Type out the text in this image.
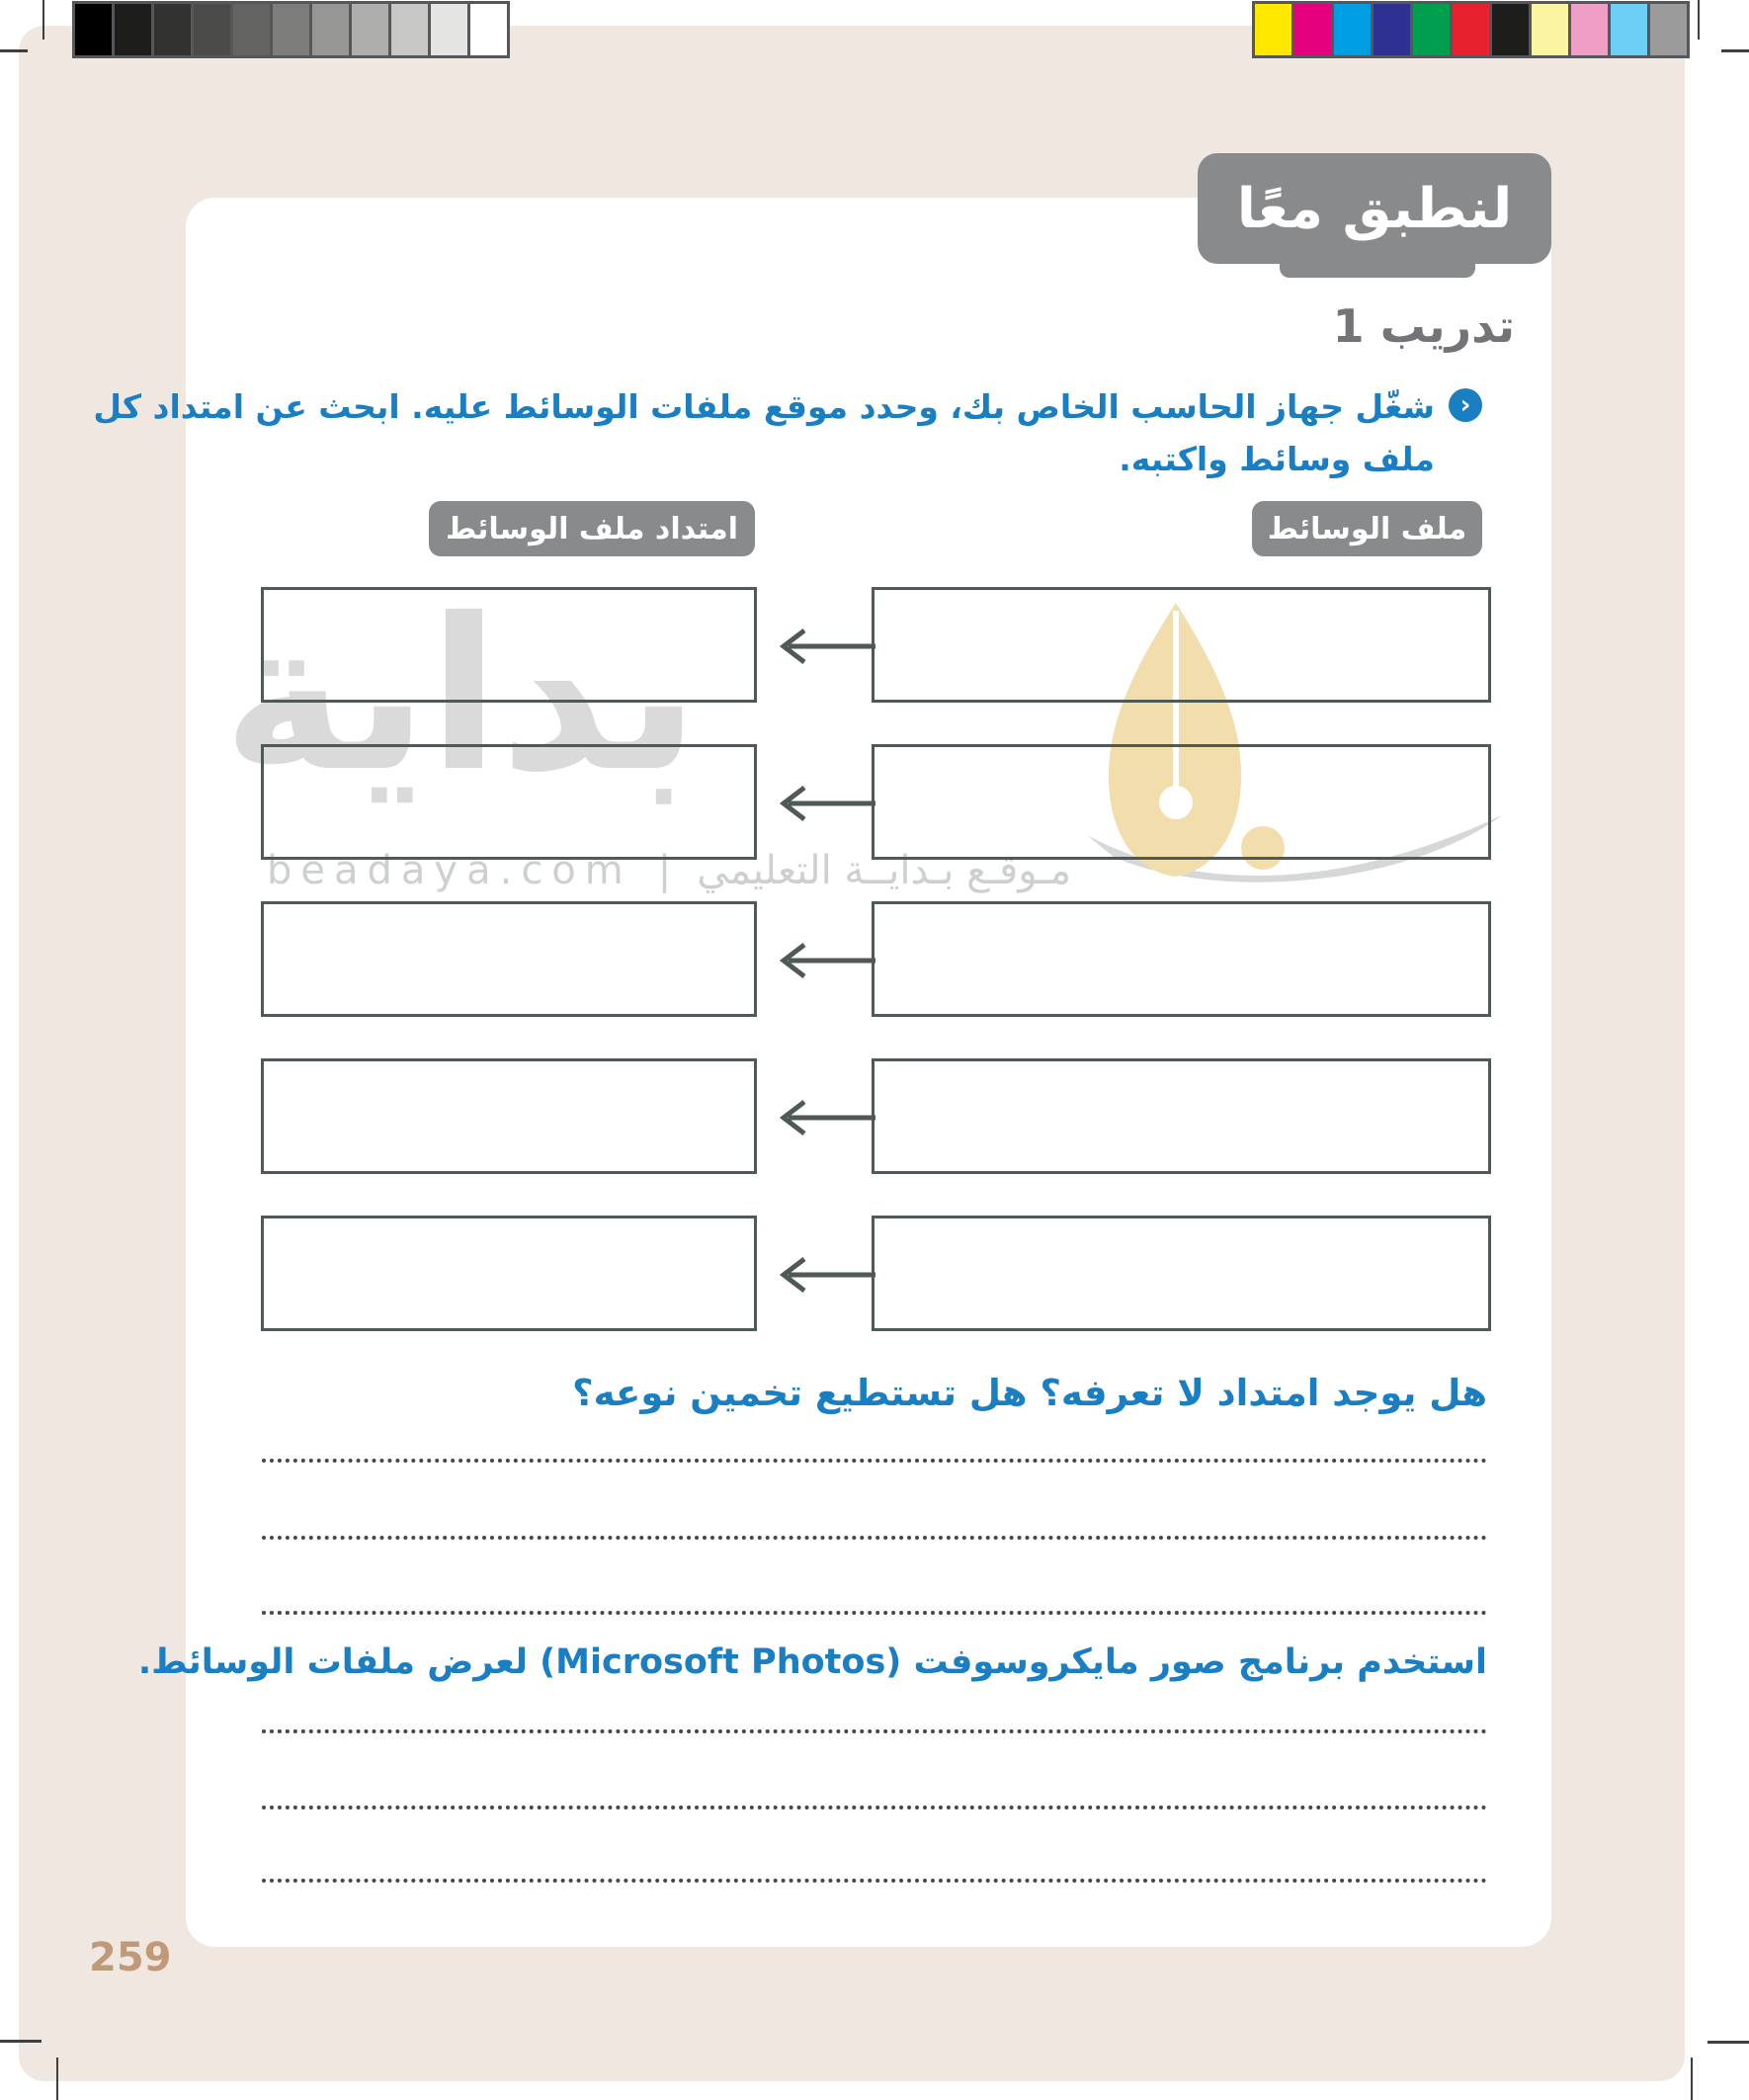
بداية
beadaya.com | مـوقـع بـدايــة التعليمي
لنطبق معًا
تدريب 1
‹
شغّل جهاز الحاسب الخاص بك، وحدد موقع ملفات الوسائط عليه. ابحث عن امتداد كل
ملف وسائط واكتبه.
امتداد ملف الوسائط	ملف الوسائط
هل يوجد امتداد لا تعرفه؟ هل تستطيع تخمين نوعه؟
استخدم برنامج صور مايكروسوفت (Microsoft Photos) لعرض ملفات الوسائط.
259
